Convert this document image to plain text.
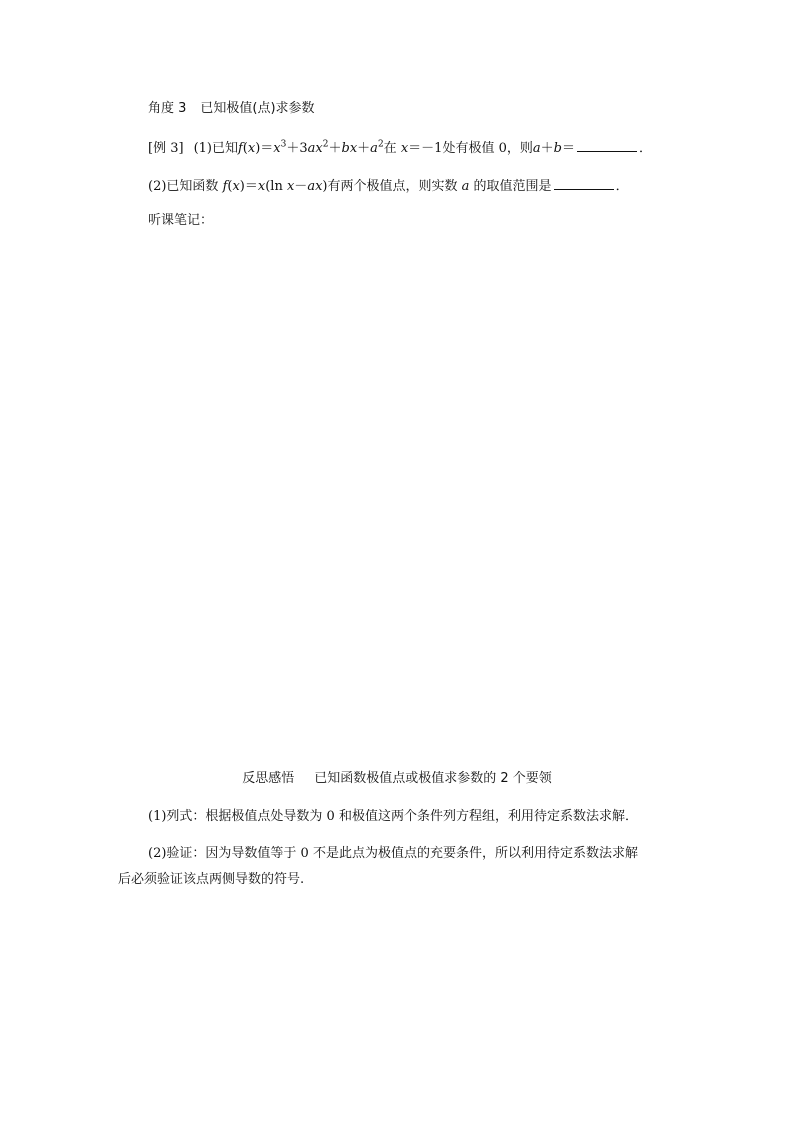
角度 3 已知极值(点)求参数
[例 3] (1)已知$f(x)=x^3+3ax^2+bx+a^2$在 x＝－1处有极值 0，则a＋b＝	．
(2)已知函数 f(x)＝x(ln x－ax)有两个极值点，则实数 a 的取值范围是	．
听课笔记：
反思感悟 已知函数极值点或极值求参数的 2 个要领
(1)列式：根据极值点处导数为 0 和极值这两个条件列方程组，利用待定系数法求解．
(2)验证：因为导数值等于 0 不是此点为极值点的充要条件，所以利用待定系数法求解
后必须验证该点两侧导数的符号.
